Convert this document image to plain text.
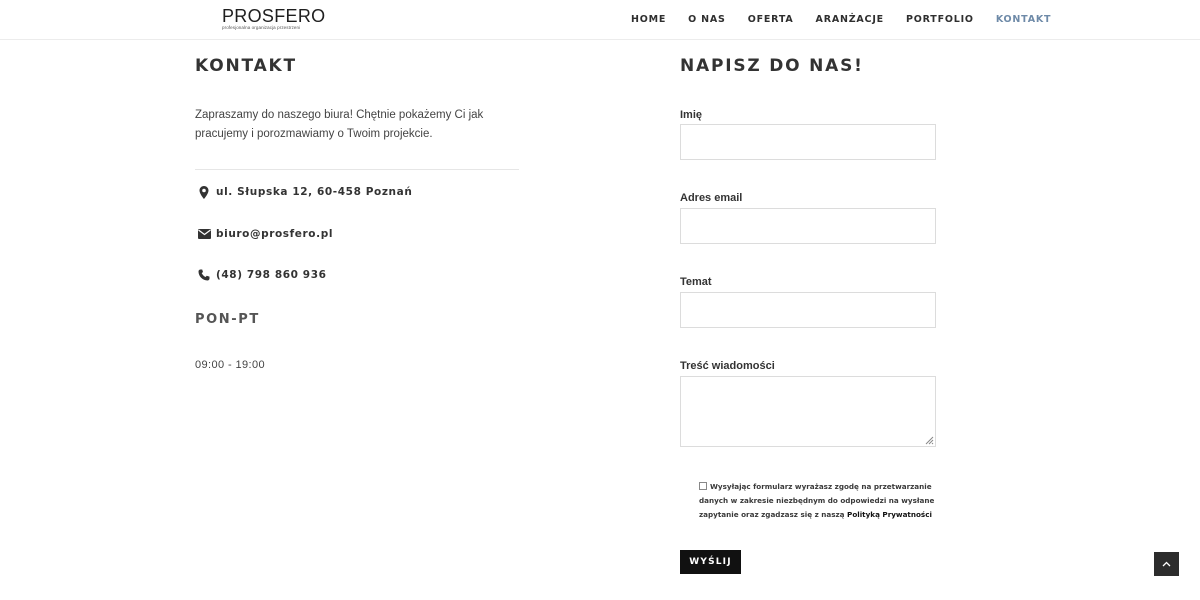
PROSFERO
profesjonalna organizacja przestrzeni
HOME O NAS OFERTA ARANŻACJE PORTFOLIO KONTAKT
KONTAKT

Zapraszamy do naszego biura! Chętnie pokażemy Ci jak pracujemy i porozmawiamy o Twoim projekcie.

ul. Słupska 12, 60-458 Poznań
biuro@prosfero.pl
(48) 798 860 936
PON-PT
09:00 - 19:00
NAPISZ DO NAS!
Imię
Adres email
Temat
Treść wiadomości
Wysyłając formularz wyrażasz zgodę na przetwarzanie danych w zakresie niezbędnym do odpowiedzi na wysłane zapytanie oraz zgadzasz się z naszą Polityką Prywatności
WYŚLIJ
